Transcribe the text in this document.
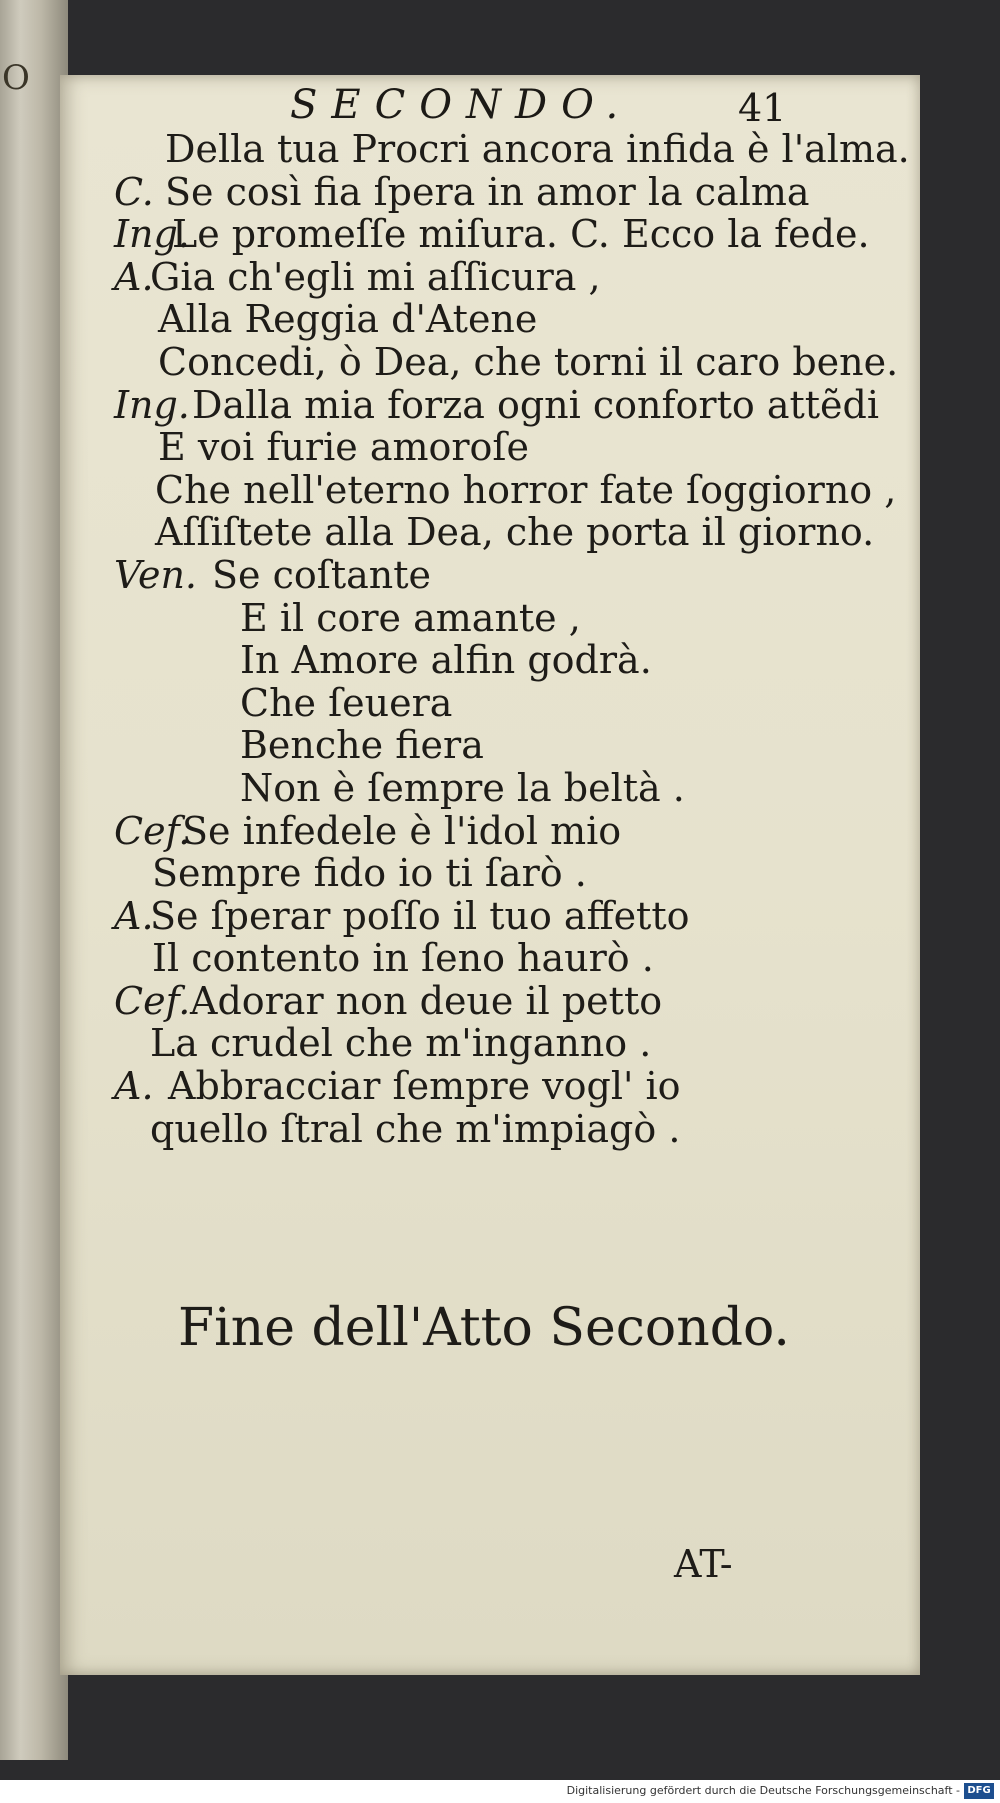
O
SECONDO.	41
Della tua Procri ancora infida è l'alma.
C. Se così fia ſpera in amor la calma
Ing.
Le promeſſe miſura. C. Ecco la fede.
A.
Gia ch'egli mi aſſicura ,
Alla Reggia d'Atene
Concedi, ò Dea, che torni il caro bene.
Ing. Dalla mia forza ogni conforto attẽdi
E voi furie amoroſe
Che nell'eterno horror fate ſoggiorno ,
Aſſiſtete alla Dea, che porta il giorno.
Ven. Se coſtante
E il core amante ,
In Amore alfin godrà.
Che ſeuera
Benche fiera
Non è ſempre la beltà .
Cef.
Se infedele è l'idol mio
Sempre fido io ti ſarò .
A.
Se ſperar poſſo il tuo affetto
Il contento in ſeno haurò .
Cef. Adorar non deue il petto
La crudel che m'inganno .
A. Abbracciar ſempre vogl' io
quello ſtral che m'impiagò .
Fine dell'Atto Secondo.
AT-
Digitalisierung gefördert durch die Deutsche Forschungsgemeinschaft - DFG
